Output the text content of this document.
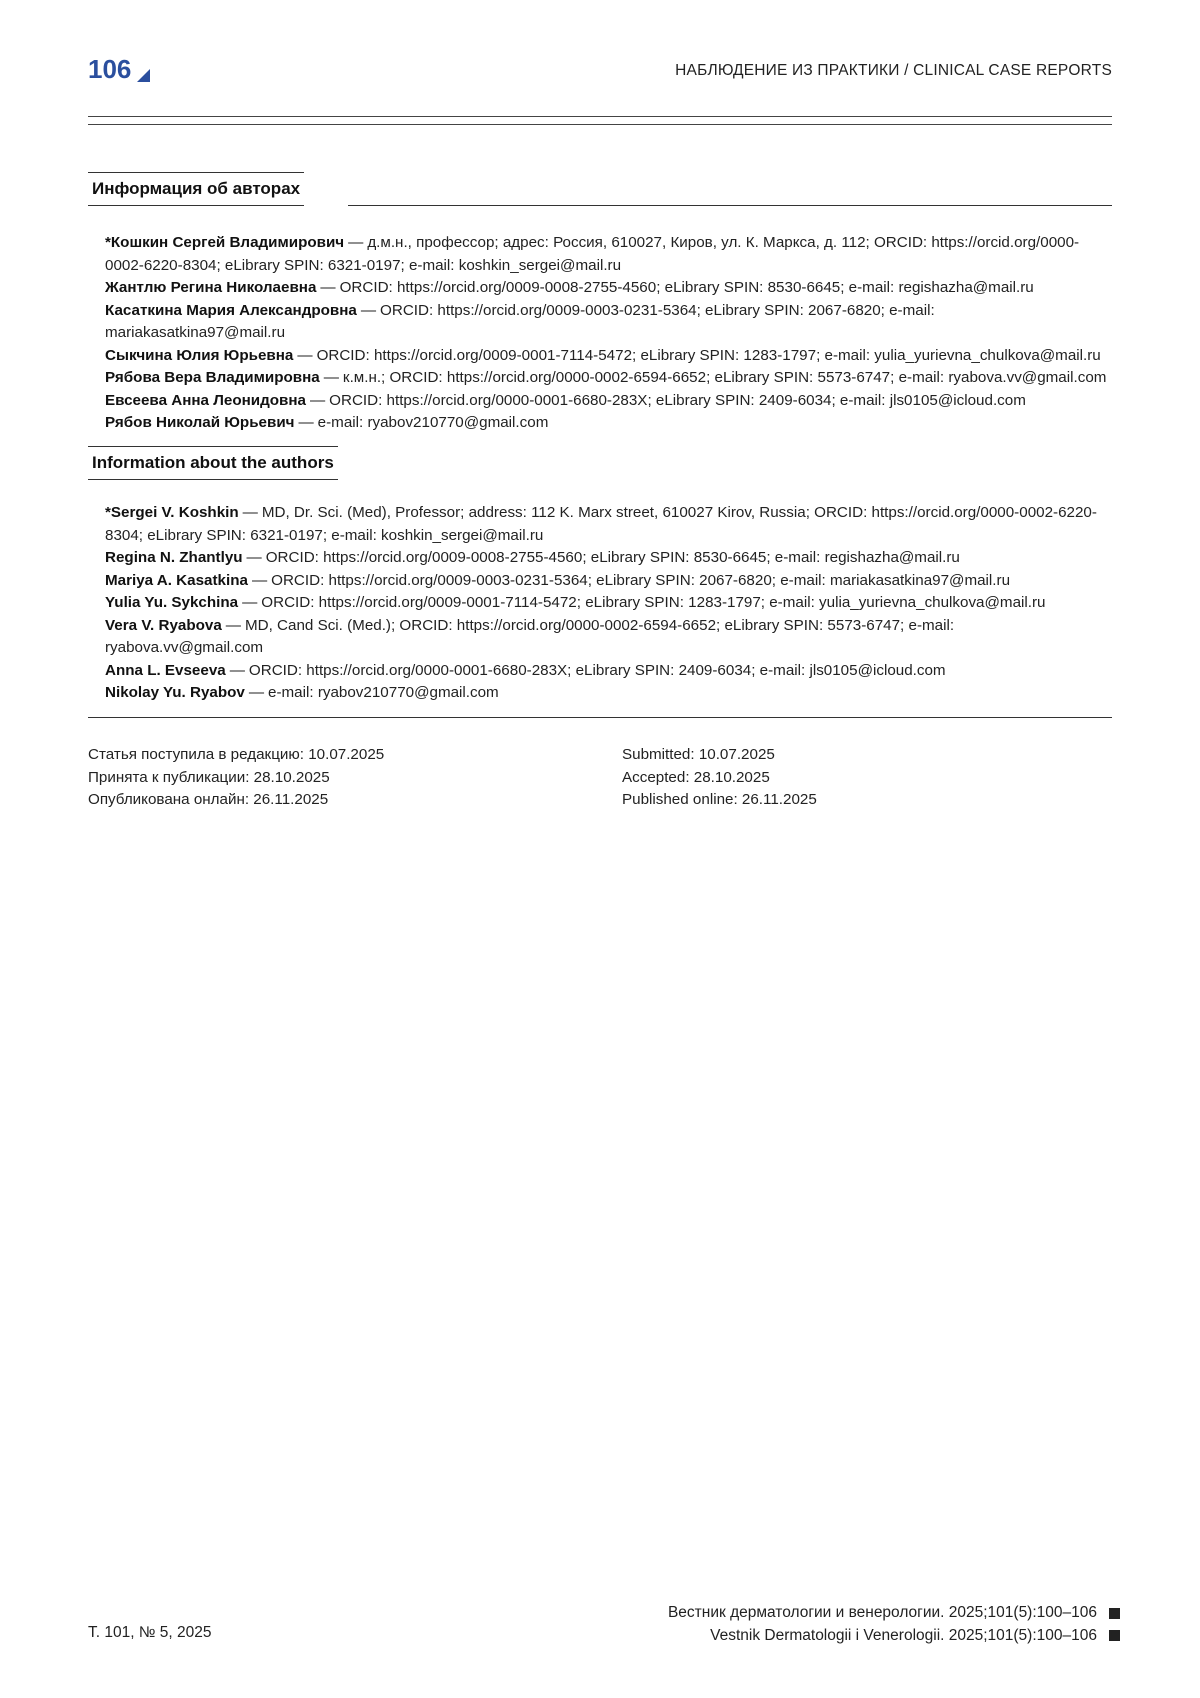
106	НАБЛЮДЕНИЕ ИЗ ПРАКТИКИ / CLINICAL CASE REPORTS
Информация об авторах

*Кошкин Сергей Владимирович — д.м.н., профессор; адрес: Россия, 610027, Киров, ул. К. Маркса, д. 112; ORCID: https://orcid.org/0000-0002-6220-8304; eLibrary SPIN: 6321-0197; e-mail: koshkin_sergei@mail.ru

Жантлю Регина Николаевна — ORCID: https://orcid.org/0009-0008-2755-4560; eLibrary SPIN: 8530-6645; e-mail: regishazha@mail.ru

Касаткина Мария Александровна — ORCID: https://orcid.org/0009-0003-0231-5364; eLibrary SPIN: 2067-6820; e-mail: mariakasatkina97@mail.ru

Сыкчина Юлия Юрьевна — ORCID: https://orcid.org/0009-0001-7114-5472; eLibrary SPIN: 1283-1797; e-mail: yulia_yurievna_chulkova@mail.ru

Рябова Вера Владимировна — к.м.н.; ORCID: https://orcid.org/0000-0002-6594-6652; eLibrary SPIN: 5573-6747; e-mail: ryabova.vv@gmail.com

Евсеева Анна Леонидовна — ORCID: https://orcid.org/0000-0001-6680-283X; eLibrary SPIN: 2409-6034; e-mail: jls0105@icloud.com

Рябов Николай Юрьевич — e-mail: ryabov210770@gmail.com

Information about the authors

*Sergei V. Koshkin — MD, Dr. Sci. (Med), Professor; address: 112 K. Marx street, 610027 Kirov, Russia; ORCID: https://orcid.org/0000-0002-6220-8304; eLibrary SPIN: 6321-0197; e-mail: koshkin_sergei@mail.ru

Regina N. Zhantlyu — ORCID: https://orcid.org/0009-0008-2755-4560; eLibrary SPIN: 8530-6645; e-mail: regishazha@mail.ru

Mariya A. Kasatkina — ORCID: https://orcid.org/0009-0003-0231-5364; eLibrary SPIN: 2067-6820; e-mail: mariakasatkina97@mail.ru

Yulia Yu. Sykchina — ORCID: https://orcid.org/0009-0001-7114-5472; eLibrary SPIN: 1283-1797; e-mail: yulia_yurievna_chulkova@mail.ru

Vera V. Ryabova — MD, Cand Sci. (Med.); ORCID: https://orcid.org/0000-0002-6594-6652; eLibrary SPIN: 5573-6747; e-mail: ryabova.vv@gmail.com

Anna L. Evseeva — ORCID: https://orcid.org/0000-0001-6680-283X; eLibrary SPIN: 2409-6034; e-mail: jls0105@icloud.com

Nikolay Yu. Ryabov — e-mail: ryabov210770@gmail.com

Статья поступила в редакцию: 10.07.2025
Принята к публикации: 28.10.2025
Опубликована онлайн: 26.11.2025
Submitted: 10.07.2025
Accepted: 28.10.2025
Published online: 26.11.2025
Т. 101, № 5, 2025
Вестник дерматологии и венерологии. 2025;101(5):100–106
Vestnik Dermatologii i Venerologii. 2025;101(5):100–106
